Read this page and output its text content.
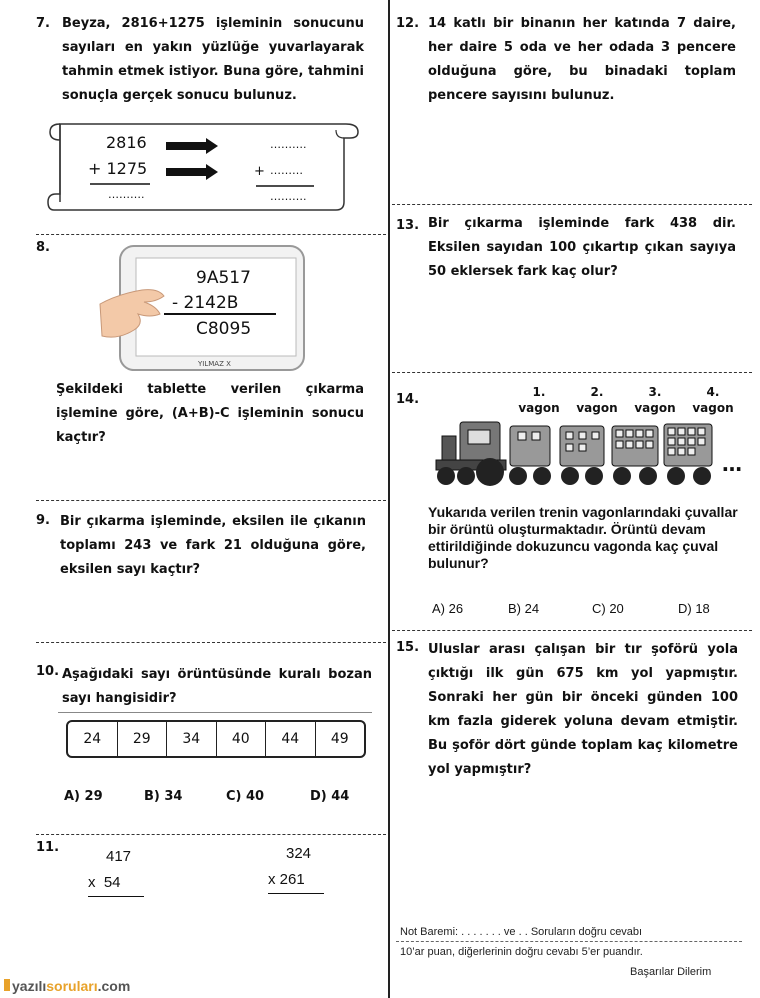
7. Beyza, 2816+1275 işleminin sonucunu sayıları en yakın yüzlüğe yuvarlayarak tahmin etmek istiyor. Buna göre, tahmini sonuçla gerçek sonucu bulunuz.
2816
+ 1275
……….
……….
+ ………
……….
8.
9A517
- 2142B
C8095
YILMAZ X
Şekildeki tablette verilen çıkarma işlemine göre, (A+B)-C işleminin sonucu kaçtır?
9. Bir çıkarma işleminde, eksilen ile çıkanın toplamı 243 ve fark 21 olduğuna göre, eksilen sayı kaçtır?
10. Aşağıdaki sayı örüntüsünde kuralı bozan sayı hangisidir?
24	29	34	40	44	49
A) 29	B) 34	C) 40	D) 44
11.
417
x  54
324
x 261
12. 14 katlı bir binanın her katında 7 daire, her daire 5 oda ve her odada 3 pencere olduğuna göre, bu binadaki toplam pencere sayısını bulunuz.
13. Bir çıkarma işleminde fark 438 dir. Eksilen sayıdan 100 çıkartıp çıkan sayıya 50 eklersek fark kaç olur?
14.	1.
vagon
2.
vagon
3.
vagon
4.
vagon
…
Yukarıda verilen trenin vagonlarındaki çuvallar bir örüntü oluşturmaktadır. Örüntü devam ettirildiğinde dokuzuncu vagonda kaç çuval bulunur?
A) 26	B) 24	C) 20	D) 18
15. Uluslar arası çalışan bir tır şoförü yola çıktığı ilk gün 675 km yol yapmıştır. Sonraki her gün bir önceki günden 100 km fazla giderek yoluna devam etmiştir. Bu şoför dört günde toplam kaç kilometre yol yapmıştır?
Not Baremi: . . . . . . . ve . . Soruların doğru cevabı
10’ar puan, diğerlerinin doğru cevabı 5’er puandır.
Başarılar Dilerim
yazılısoruları.com
